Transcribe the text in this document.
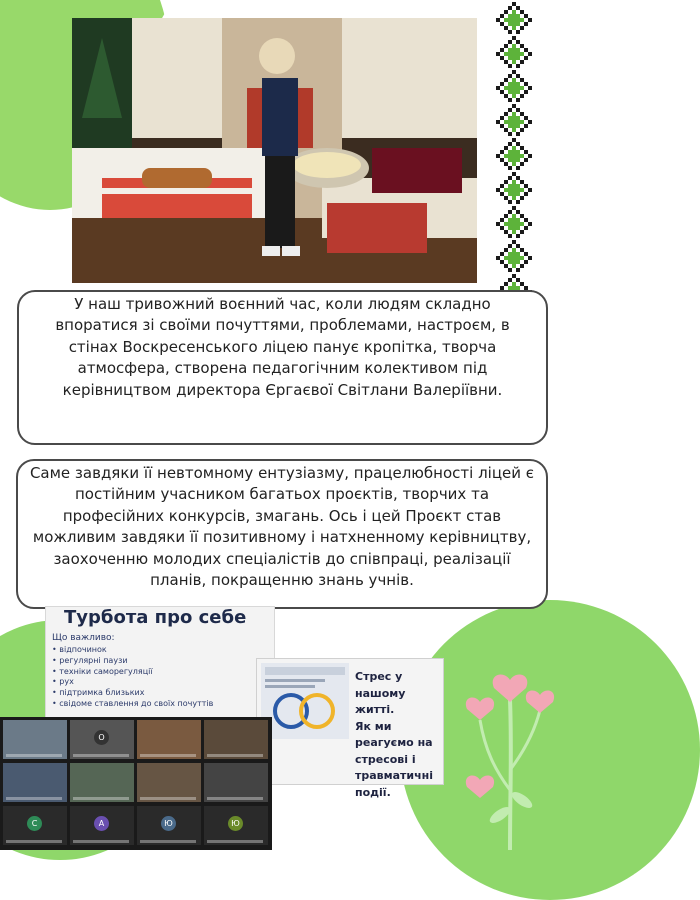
У наш тривожний воєнний час, коли людям складно впоратися зі своїми почуттями, проблемами, настроєм, в стінах Воскресенського ліцею панує кропітка, творча атмосфера, створена педагогічним колективом під керівництвом директора Єргаєвої Світлани Валеріївни.

Саме завдяки її невтомному ентузіазму, працелюбності ліцей є постійним учасником багатьох проєктів, творчих та професійних конкурсів, змагань. Ось і цей Проєкт став можливим завдяки її позитивному і натхненному керівництву, заохоченню молодих спеціалістів до співпраці, реалізації планів, покращенню знань учнів.

Турбота про себе
Що важливо:
• відпочинок
• регулярні паузи
• техніки саморегуляції
• рух
• підтримка близьких
• свідоме ставлення до своїх почуттів
Стрес у нашому житті.
Як ми реагуємо на стресові і травматичні події.
O
C	A	Ю	Ю
